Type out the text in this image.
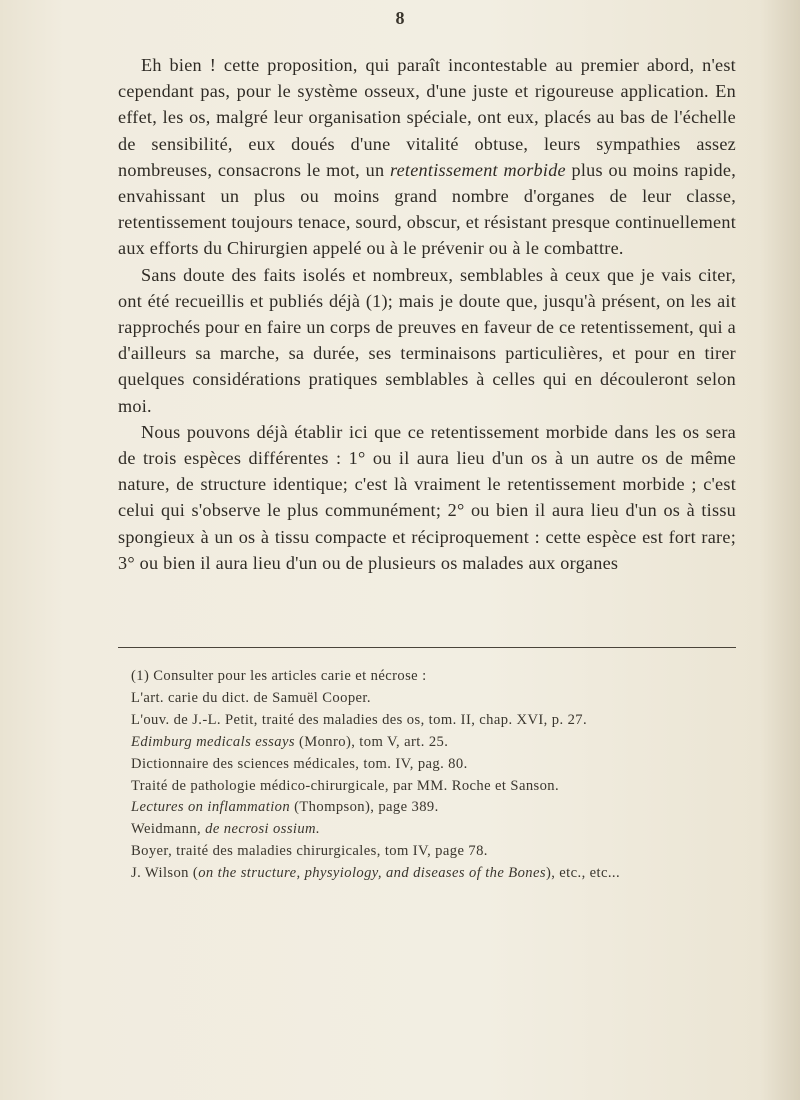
8

Eh bien ! cette proposition, qui paraît incontestable au premier abord, n'est cependant pas, pour le système osseux, d'une juste et rigoureuse application. En effet, les os, malgré leur organisation spéciale, ont eux, placés au bas de l'échelle de sensibilité, eux doués d'une vitalité obtuse, leurs sympathies assez nombreuses, consacrons le mot, un retentissement morbide plus ou moins rapide, envahissant un plus ou moins grand nombre d'organes de leur classe, retentissement toujours tenace, sourd, obscur, et résistant presque continuellement aux efforts du Chirurgien appelé ou à le prévenir ou à le combattre.

Sans doute des faits isolés et nombreux, semblables à ceux que je vais citer, ont été recueillis et publiés déjà (1); mais je doute que, jusqu'à présent, on les ait rapprochés pour en faire un corps de preuves en faveur de ce retentissement, qui a d'ailleurs sa marche, sa durée, ses terminaisons particulières, et pour en tirer quelques considérations pratiques semblables à celles qui en découleront selon moi.

Nous pouvons déjà établir ici que ce retentissement morbide dans les os sera de trois espèces différentes : 1° ou il aura lieu d'un os à un autre os de même nature, de structure identique; c'est là vraiment le retentissement morbide ; c'est celui qui s'observe le plus communément; 2° ou bien il aura lieu d'un os à tissu spongieux à un os à tissu compacte et réciproquement : cette espèce est fort rare; 3° ou bien il aura lieu d'un ou de plusieurs os malades aux organes

(1) Consulter pour les articles carie et nécrose :

L'art. carie du dict. de Samuël Cooper.

L'ouv. de J.-L. Petit, traité des maladies des os, tom. II, chap. XVI, p. 27.

Edimburg medicals essays (Monro), tom V, art. 25.

Dictionnaire des sciences médicales, tom. IV, pag. 80.

Traité de pathologie médico-chirurgicale, par MM. Roche et Sanson.

Lectures on inflammation (Thompson), page 389.

Weidmann, de necrosi ossium.

Boyer, traité des maladies chirurgicales, tom IV, page 78.

J. Wilson (on the structure, physyiology, and diseases of the Bones), etc., etc...
